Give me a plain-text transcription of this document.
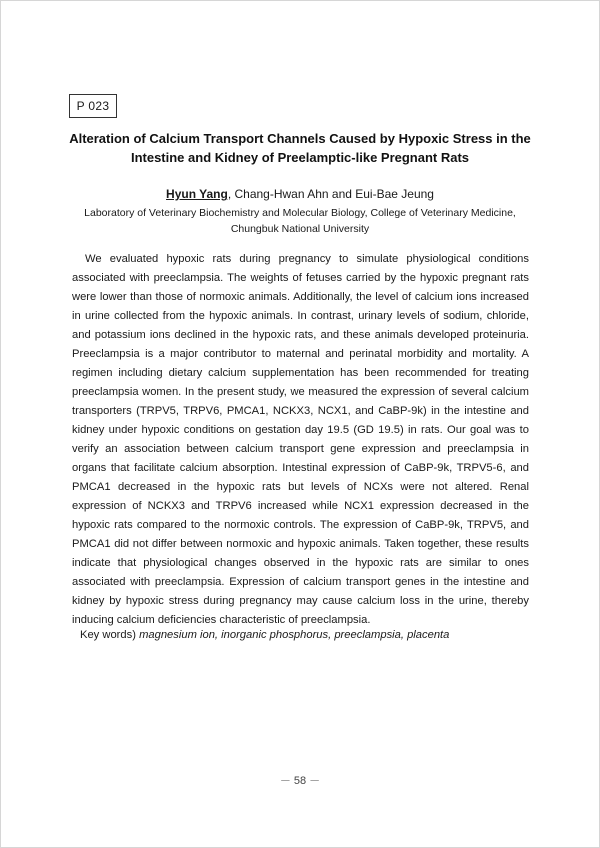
P 023
Alteration of Calcium Transport Channels Caused by Hypoxic Stress in the
Intestine and Kidney of Preelamptic-like Pregnant Rats
Hyun Yang, Chang-Hwan Ahn and Eui-Bae Jeung
Laboratory of Veterinary Biochemistry and Molecular Biology, College of Veterinary Medicine,
Chungbuk National University

We evaluated hypoxic rats during pregnancy to simulate physiological conditions associated with preeclampsia. The weights of fetuses carried by the hypoxic pregnant rats were lower than those of normoxic animals. Additionally, the level of calcium ions increased in urine collected from the hypoxic animals. In contrast, urinary levels of sodium, chloride, and potassium ions declined in the hypoxic rats, and these animals developed proteinuria. Preeclampsia is a major contributor to maternal and perinatal morbidity and mortality. A regimen including dietary calcium supplementation has been recommended for treating preeclampsia women. In the present study, we measured the expression of several calcium transporters (TRPV5, TRPV6, PMCA1, NCKX3, NCX1, and CaBP-9k) in the intestine and kidney under hypoxic conditions on gestation day 19.5 (GD 19.5) in rats. Our goal was to verify an association between calcium transport gene expression and preeclampsia in organs that facilitate calcium absorption. Intestinal expression of CaBP-9k, TRPV5-6, and PMCA1 decreased in the hypoxic rats but levels of NCXs were not altered. Renal expression of NCKX3 and TRPV6 increased while NCX1 expression decreased in the hypoxic rats compared to the normoxic controls. The expression of CaBP-9k, TRPV5, and PMCA1 did not differ between normoxic and hypoxic animals. Taken together, these results indicate that physiological changes observed in the hypoxic rats are similar to ones associated with preeclampsia. Expression of calcium transport genes in the intestine and kidney by hypoxic stress during pregnancy may cause calcium loss in the urine, thereby inducing calcium deficiencies characteristic of preeclampsia.

Key words) magnesium ion, inorganic phosphorus, preeclampsia, placenta
－ 58 －
